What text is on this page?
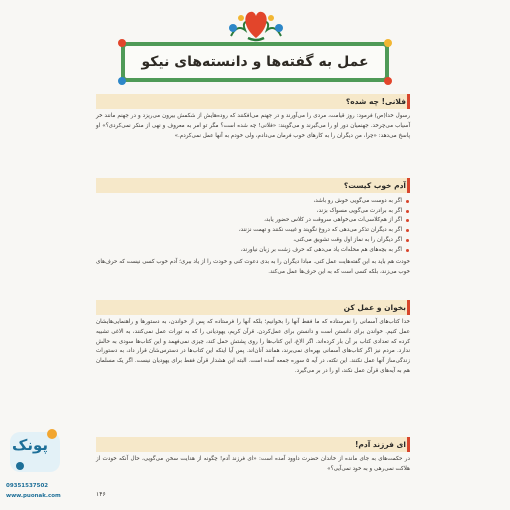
عمل به گفته‌ها و دانسته‌های نیکو
فلانی! چه شده؟
رسول خدا(ص) فرمود: روز قیامت، مردی را می‌آورند و در جهنم می‌افکنند که روده‌هایش از شکمش بیرون می‌ریزد و در جهنم مانند خر آسیاب می‌چرخد. جهنمیان دور او را می‌گیرند و می‌گویند: «فلانی! چه شده است؟ مگر تو امر به معروف و نهی از منکر نمی‌کردی؟» او پاسخ می‌دهد: «چرا، من دیگران را به کارهای خوب فرمان می‌دادم، ولی خودم به آنها عمل نمی‌کردم.»
آدم خوب کیست؟
اگر به دوست می‌گویی خوش رو باشد،
اگر به برادرت می‌گویی مسواک بزند،
اگر از هم‌کلاسی‌ات می‌خواهی سروقت در کلاس حضور یابد،
اگر به دیگران تذکر می‌دهی که دروغ نگویند و غیبت نکنند و تهمت نزنند،
اگر دیگران را به نماز اول وقت تشویق می‌کنی،
اگر به بچه‌های هم محله‌ات یاد می‌دهی که حرف زشت بر زبان نیاورند،
خودت هم باید به این گفته‌هایت عمل کنی. مبادا دیگران را به بدی دعوت کنی و خودت را از یاد ببری؛ آدم خوب کسی نیست که حرف‌های خوب می‌زند، بلکه کسی است که به این حرف‌ها عمل می‌کند.
بخوان و عمل کن
خدا کتاب‌های آسمانی را نفرستاده که ما فقط آنها را بخوانیم؛ بلکه آنها را فرستاده که پس از خواندن، به دستورها و راهنمایی‌هایشان عمل کنیم. خواندن برای دانستن است و دانستن برای عمل‌کردن. قرآن کریم، یهودیانی را که به تورات عمل نمی‌کنند، به الاغی تشبیه کرده که تعدادی کتاب بر آن بار کرده‌اند. اگر الاغ، این کتاب‌ها را روی پشتش حمل کند، چیزی نمی‌فهمد و این کتاب‌ها سودی به حالش ندارد. مردم نیز اگر کتاب‌های آسمانی بهره‌ای نمی‌برند، همانند آنان‌اند. پس آیا اینکه این کتاب‌ها در دسترس‌شان قرار داد، به دستورات زندگی‌ساز آنها عمل نکنند. این نکته، در آیه ۵ سوره جمعه آمده است. البته این هشدار قرآن فقط برای یهودیان نیست. اگر یک مسلمان هم به آیه‌های قرآن عمل نکند، او را در بر می‌گیرد.
ای فرزند آدم!
در حکمت‌های به جای مانده از خاندان حضرت داوود آمده است: «ای فرزند آدم! چگونه از هدایت سخن می‌گویی، حال آنکه خودت از هلاکت نمی‌رهی و به خود نمی‌آیی؟»
۱۴۶
پونک
09351537502
www.puonak.com
